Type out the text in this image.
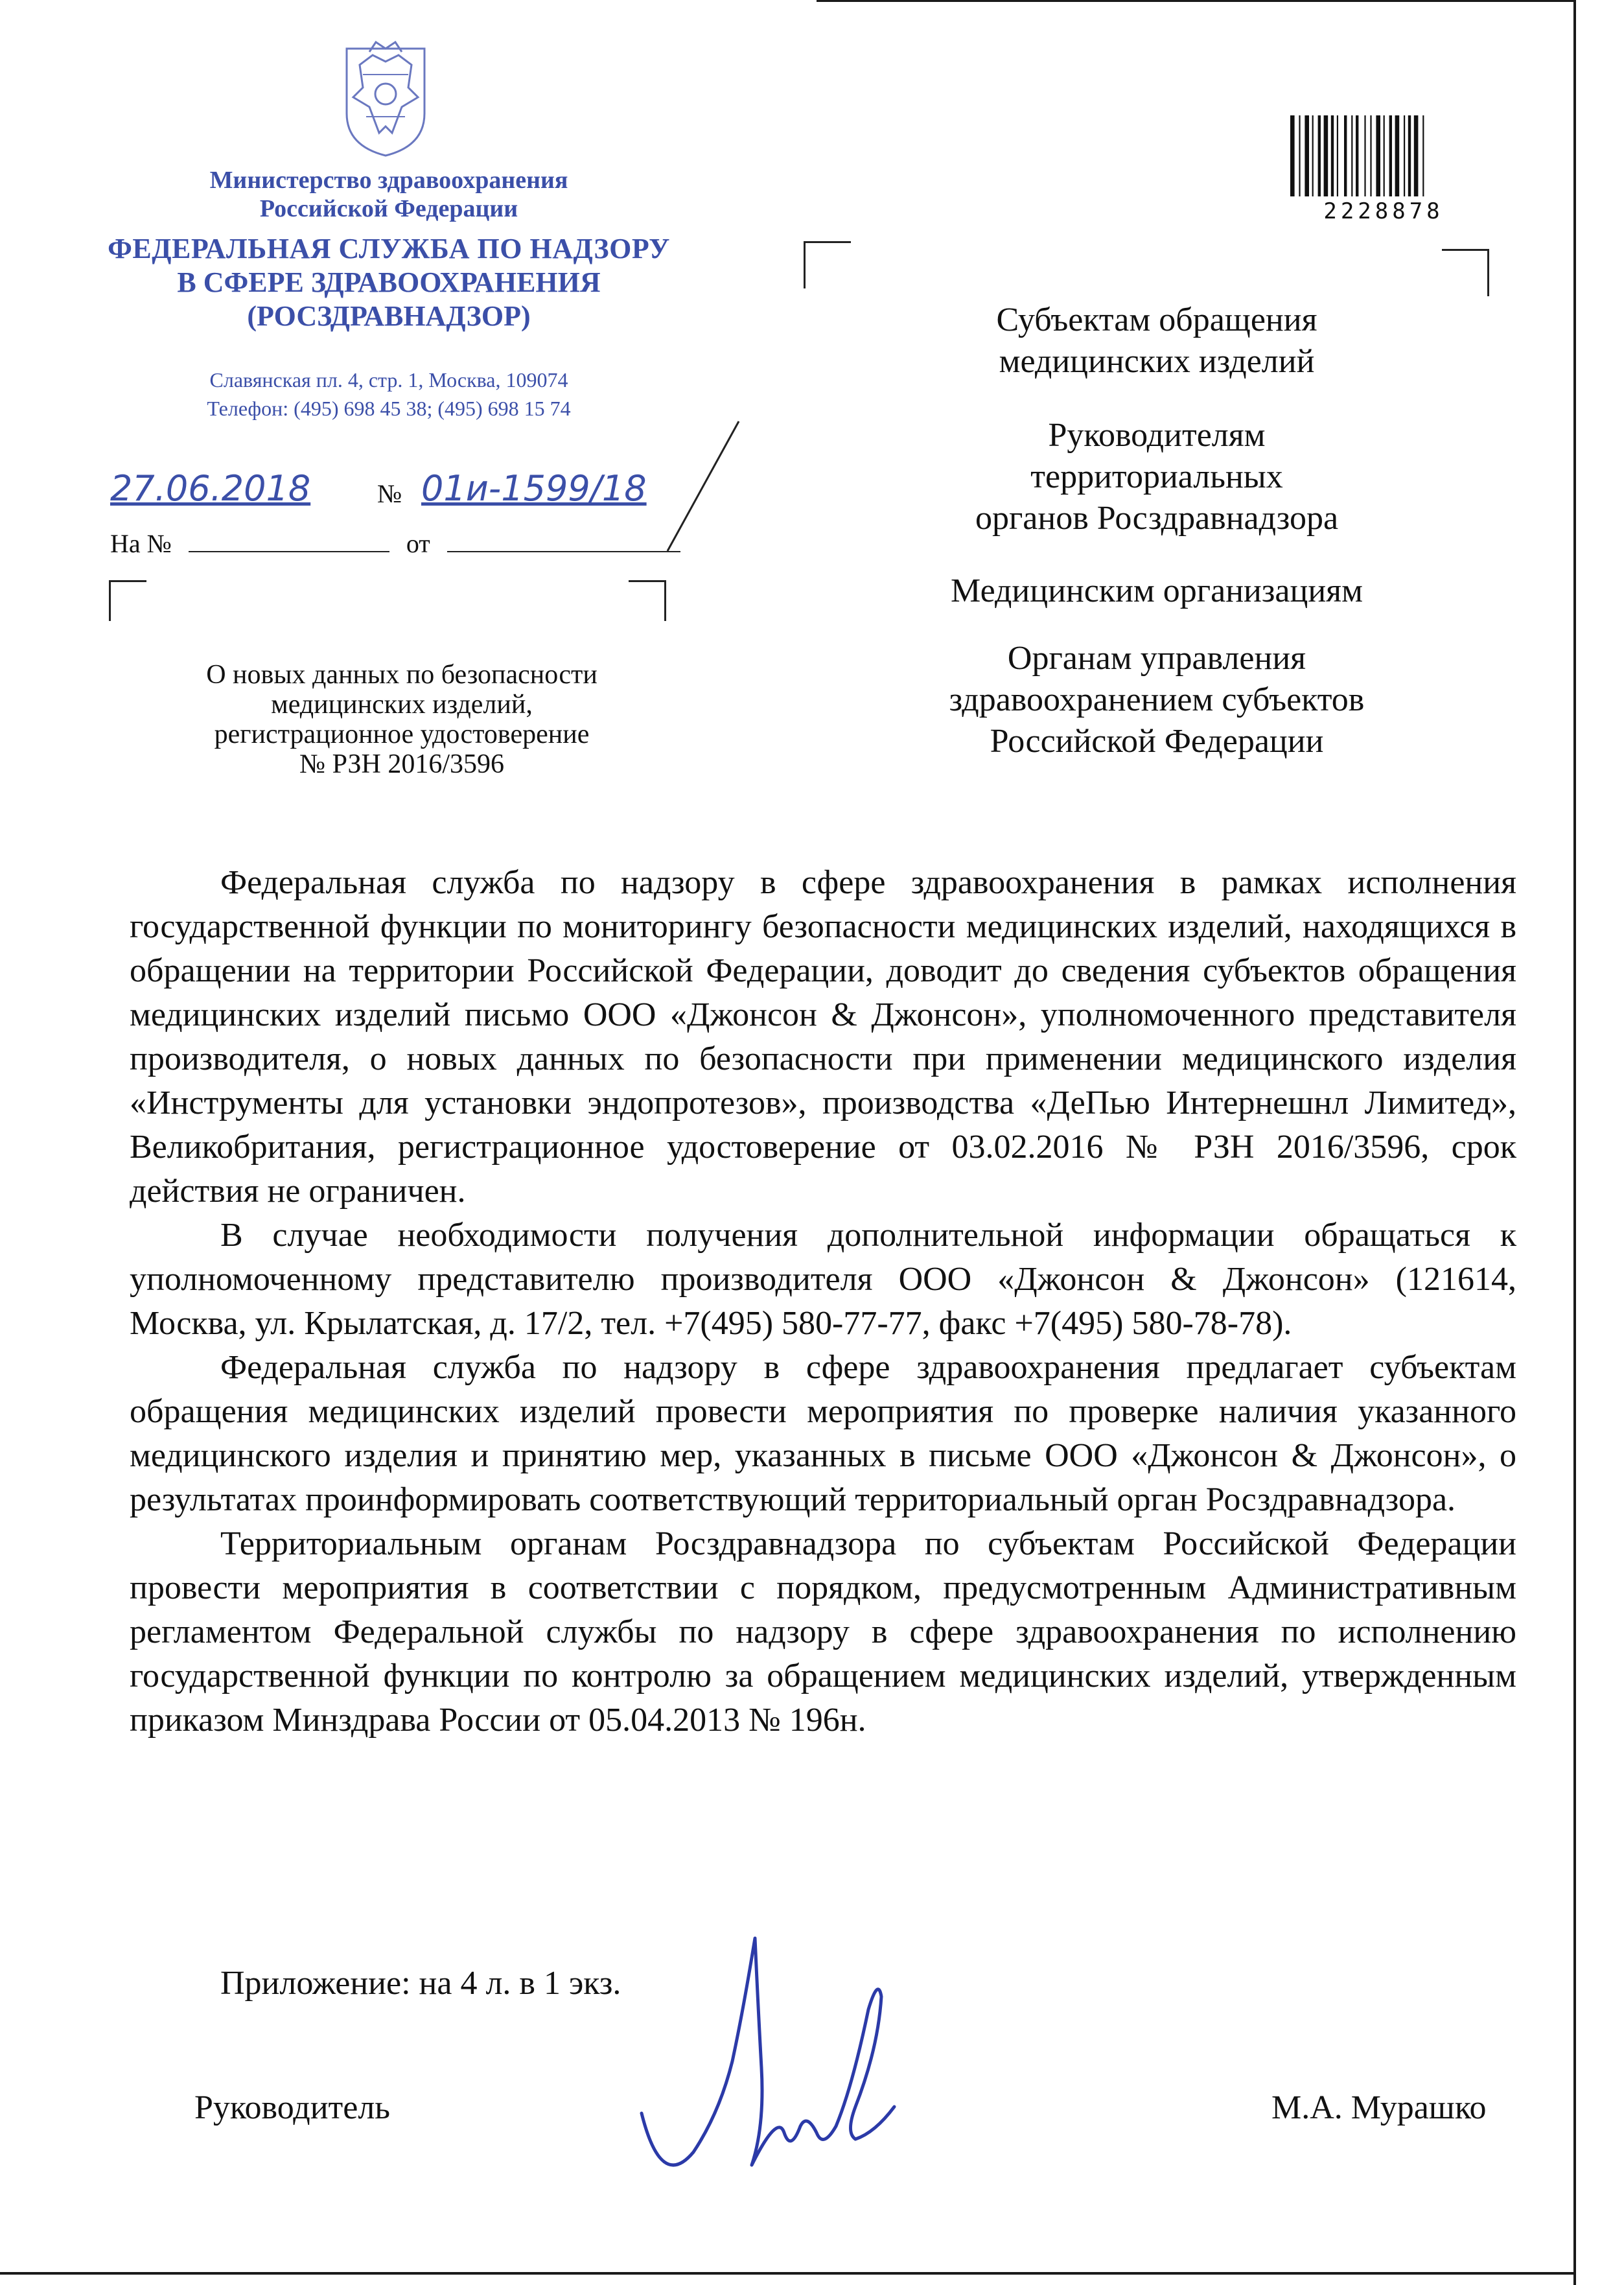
Министерство здравоохранения
Российской Федерации
ФЕДЕРАЛЬНАЯ СЛУЖБА ПО НАДЗОРУ
В СФЕРЕ ЗДРАВООХРАНЕНИЯ
(РОСЗДРАВНАДЗОР)
Славянская пл. 4, стр. 1, Москва, 109074
Телефон: (495) 698 45 38; (495) 698 15 74
27.06.2018	№ 01и-1599/18
На №	от
О новых данных по безопасности
медицинских изделий,
регистрационное удостоверение
№ РЗН 2016/3596
2228878
Субъектам обращения
медицинских изделий
Руководителям
территориальных
органов Росздравнадзора
Медицинским организациям
Органам управления
здравоохранением субъектов
Российской Федерации

Федеральная служба по надзору в сфере здравоохранения в рамках исполнения государственной функции по мониторингу безопасности медицинских изделий, находящихся в обращении на территории Российской Федерации, доводит до сведения субъектов обращения медицинских изделий письмо ООО «Джонсон & Джонсон», уполномоченного представителя производителя, о новых данных по безопасности при применении медицинского изделия «Инструменты для установки эндопротезов», производства «ДеПью Интернешнл Лимитед», Великобритания, регистрационное удостоверение от 03.02.2016 № РЗН 2016/3596, срок действия не ограничен.

В случае необходимости получения дополнительной информации обращаться к уполномоченному представителю производителя ООО «Джонсон & Джонсон» (121614, Москва, ул. Крылатская, д. 17/2, тел. +7(495) 580-77-77, факс +7(495) 580-78-78).

Федеральная служба по надзору в сфере здравоохранения предлагает субъектам обращения медицинских изделий провести мероприятия по проверке наличия указанного медицинского изделия и принятию мер, указанных в письме ООО «Джонсон & Джонсон», о результатах проинформировать соответствующий территориальный орган Росздравнадзора.

Территориальным органам Росздравнадзора по субъектам Российской Федерации провести мероприятия в соответствии с порядком, предусмотренным Административным регламентом Федеральной службы по надзору в сфере здравоохранения по исполнению государственной функции по контролю за обращением медицинских изделий, утвержденным приказом Минздрава России от 05.04.2013 № 196н.

Приложение: на 4 л. в 1 экз.
Руководитель	М.А. Мурашко
